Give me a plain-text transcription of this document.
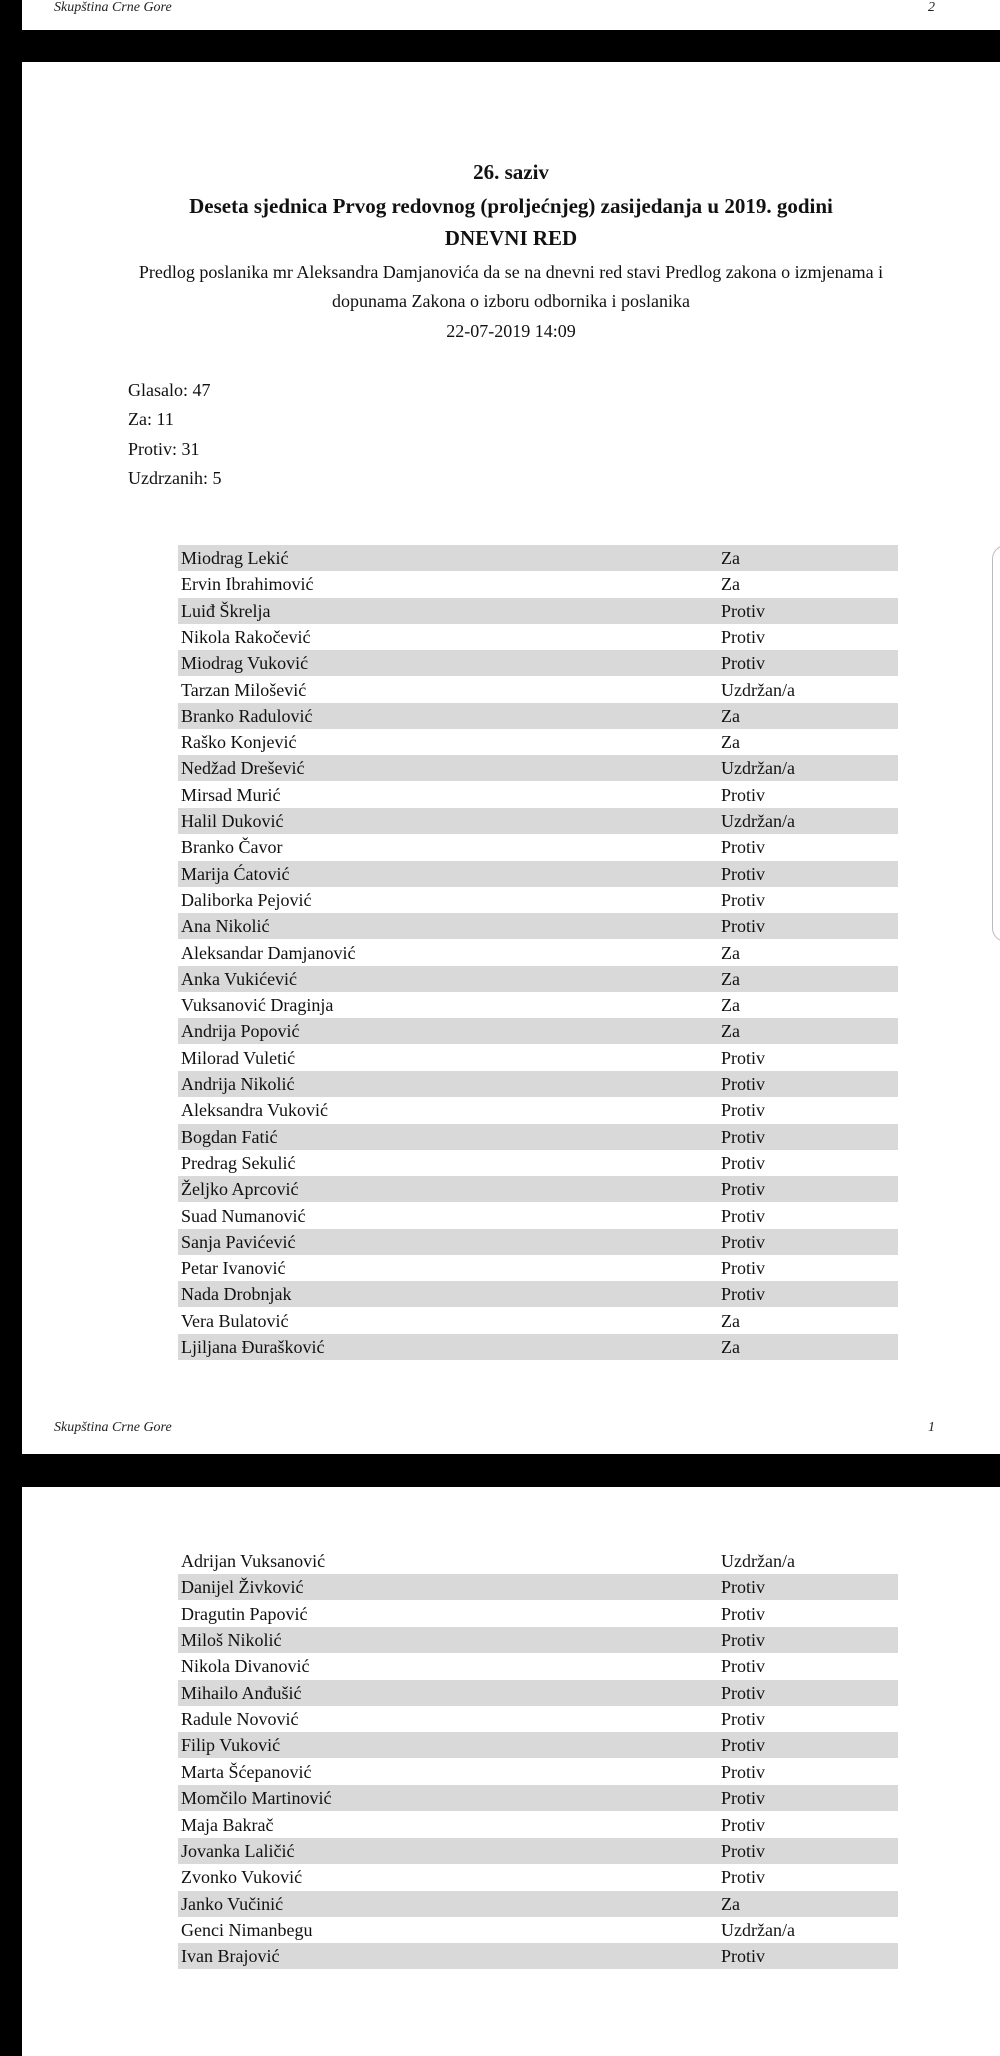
Skupština Crne Gore	2
26. saziv
Deseta sjednica Prvog redovnog (proljećnjeg) zasijedanja u 2019. godini
DNEVNI RED
Predlog poslanika mr Aleksandra Damjanovića da se na dnevni red stavi Predlog zakona o izmjenama i
dopunama Zakona o izboru odbornika i poslanika
22-07-2019 14:09
Glasalo: 47
Za: 11
Protiv: 31
Uzdrzanih: 5
Miodrag Lekić	Za
Ervin Ibrahimović	Za
Luiđ Škrelja	Protiv
Nikola Rakočević	Protiv
Miodrag Vuković	Protiv
Tarzan Milošević	Uzdržan/a
Branko Radulović	Za
Raško Konjević	Za
Nedžad Drešević	Uzdržan/a
Mirsad Murić	Protiv
Halil Duković	Uzdržan/a
Branko Čavor	Protiv
Marija Ćatović	Protiv
Daliborka Pejović	Protiv
Ana Nikolić	Protiv
Aleksandar Damjanović	Za
Anka Vukićević	Za
Vuksanović Draginja	Za
Andrija Popović	Za
Milorad Vuletić	Protiv
Andrija Nikolić	Protiv
Aleksandra Vuković	Protiv
Bogdan Fatić	Protiv
Predrag Sekulić	Protiv
Željko Aprcović	Protiv
Suad Numanović	Protiv
Sanja Pavićević	Protiv
Petar Ivanović	Protiv
Nada Drobnjak	Protiv
Vera Bulatović	Za
Ljiljana Đurašković	Za
Skupština Crne Gore	1
Adrijan Vuksanović	Uzdržan/a
Danijel Živković	Protiv
Dragutin Papović	Protiv
Miloš Nikolić	Protiv
Nikola Divanović	Protiv
Mihailo Anđušić	Protiv
Radule Novović	Protiv
Filip Vuković	Protiv
Marta Šćepanović	Protiv
Momčilo Martinović	Protiv
Maja Bakrač	Protiv
Jovanka Laličić	Protiv
Zvonko Vuković	Protiv
Janko Vučinić	Za
Genci Nimanbegu	Uzdržan/a
Ivan Brajović	Protiv
